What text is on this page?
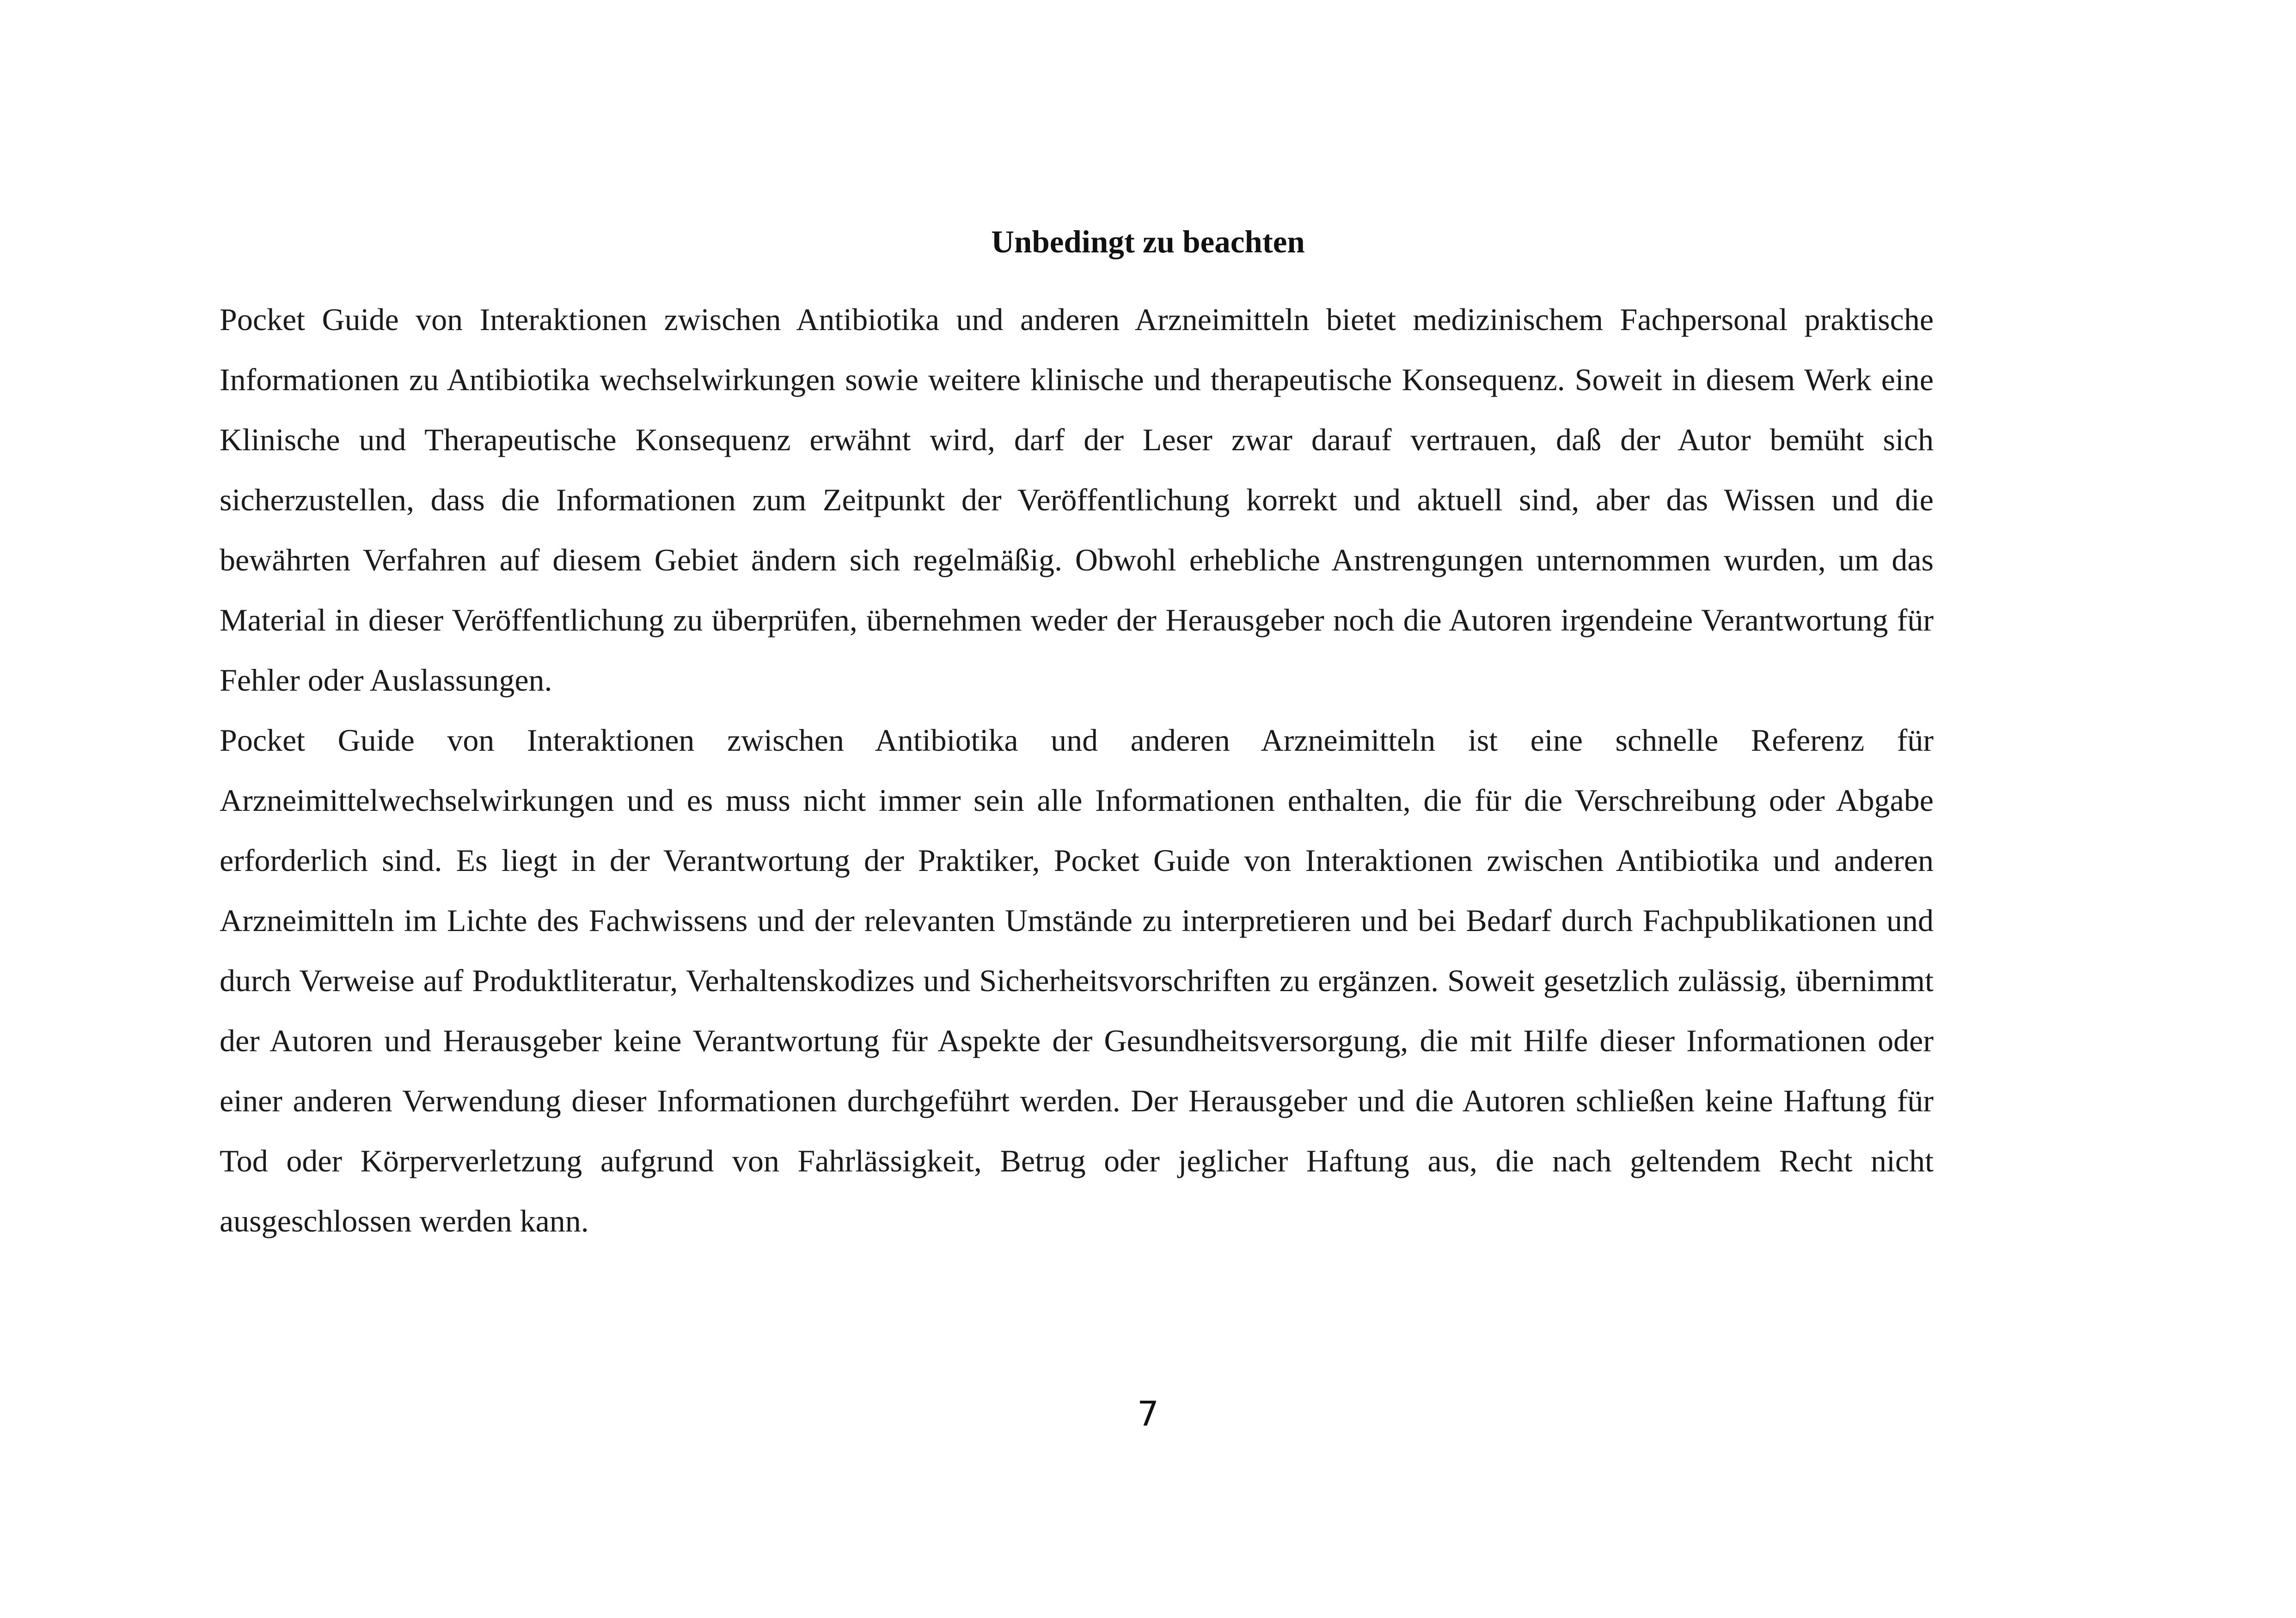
Unbedingt zu beachten

Pocket Guide von Interaktionen zwischen Antibiotika und anderen Arzneimitteln bietet medizinischem Fachpersonal praktische Informationen zu Antibiotika wechselwirkungen sowie weitere klinische und therapeutische Konsequenz. Soweit in diesem Werk eine Klinische und Therapeutische Konsequenz erwähnt wird, darf der Leser zwar darauf vertrauen, daß der Autor bemüht sich sicherzustellen, dass die Informationen zum Zeitpunkt der Veröffentlichung korrekt und aktuell sind, aber das Wissen und die bewährten Verfahren auf diesem Gebiet ändern sich regelmäßig. Obwohl erhebliche Anstrengungen unternommen wurden, um das Material in dieser Veröffentlichung zu überprüfen, übernehmen weder der Herausgeber noch die Autoren irgendeine Verantwortung für Fehler oder Auslassungen.

Pocket Guide von Interaktionen zwischen Antibiotika und anderen Arzneimitteln ist eine schnelle Referenz für Arzneimittelwechselwirkungen und es muss nicht immer sein alle Informationen enthalten, die für die Verschreibung oder Abgabe erforderlich sind. Es liegt in der Verantwortung der Praktiker, Pocket Guide von Interaktionen zwischen Antibiotika und anderen Arzneimitteln im Lichte des Fachwissens und der relevanten Umstände zu interpretieren und bei Bedarf durch Fachpublikationen und durch Verweise auf Produktliteratur, Verhaltenskodizes und Sicherheitsvorschriften zu ergänzen. Soweit gesetzlich zulässig, übernimmt der Autoren und Herausgeber keine Verantwortung für Aspekte der Gesundheitsversorgung, die mit Hilfe dieser Informationen oder einer anderen Verwendung dieser Informationen durchgeführt werden. Der Herausgeber und die Autoren schließen keine Haftung für Tod oder Körperverletzung aufgrund von Fahrlässigkeit, Betrug oder jeglicher Haftung aus, die nach geltendem Recht nicht ausgeschlossen werden kann.

7
